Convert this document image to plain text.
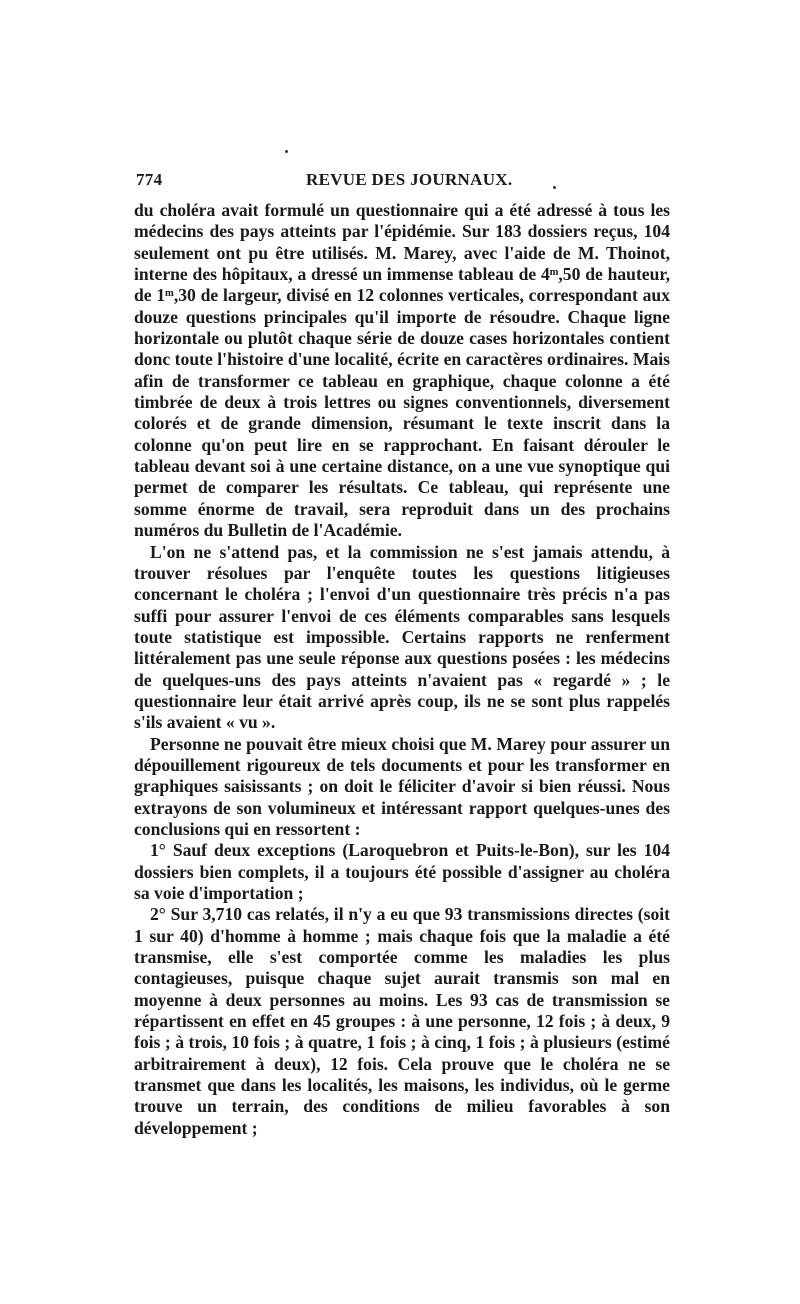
774	REVUE DES JOURNAUX.

du choléra avait formulé un questionnaire qui a été adressé à tous les médecins des pays atteints par l'épidémie. Sur 183 dossiers reçus, 104 seulement ont pu être utilisés. M. Marey, avec l'aide de M. Thoinot, interne des hôpitaux, a dressé un immense tableau de 4ᵐ,50 de hauteur, de 1ᵐ,30 de largeur, divisé en 12 colonnes verticales, correspondant aux douze questions principales qu'il importe de résoudre. Chaque ligne horizontale ou plutôt chaque série de douze cases horizontales contient donc toute l'histoire d'une localité, écrite en caractères ordinaires. Mais afin de transformer ce tableau en graphique, chaque colonne a été timbrée de deux à trois lettres ou signes conventionnels, diversement colorés et de grande dimension, résumant le texte inscrit dans la colonne qu'on peut lire en se rapprochant. En faisant dérouler le tableau devant soi à une certaine distance, on a une vue synoptique qui permet de comparer les résultats. Ce tableau, qui représente une somme énorme de travail, sera reproduit dans un des prochains numéros du Bulletin de l'Académie.

L'on ne s'attend pas, et la commission ne s'est jamais attendu, à trouver résolues par l'enquête toutes les questions litigieuses concernant le choléra ; l'envoi d'un questionnaire très précis n'a pas suffi pour assurer l'envoi de ces éléments comparables sans lesquels toute statistique est impossible. Certains rapports ne renferment littéralement pas une seule réponse aux questions posées : les médecins de quelques-uns des pays atteints n'avaient pas « regardé » ; le questionnaire leur était arrivé après coup, ils ne se sont plus rappelés s'ils avaient « vu ».

Personne ne pouvait être mieux choisi que M. Marey pour assurer un dépouillement rigoureux de tels documents et pour les transformer en graphiques saisissants ; on doit le féliciter d'avoir si bien réussi. Nous extrayons de son volumineux et intéressant rapport quelques-unes des conclusions qui en ressortent :

1° Sauf deux exceptions (Laroquebron et Puits-le-Bon), sur les 104 dossiers bien complets, il a toujours été possible d'assigner au choléra sa voie d'importation ;

2° Sur 3,710 cas relatés, il n'y a eu que 93 transmissions directes (soit 1 sur 40) d'homme à homme ; mais chaque fois que la maladie a été transmise, elle s'est comportée comme les maladies les plus contagieuses, puisque chaque sujet aurait transmis son mal en moyenne à deux personnes au moins. Les 93 cas de transmission se répartissent en effet en 45 groupes : à une personne, 12 fois ; à deux, 9 fois ; à trois, 10 fois ; à quatre, 1 fois ; à cinq, 1 fois ; à plusieurs (estimé arbitrairement à deux), 12 fois. Cela prouve que le choléra ne se transmet que dans les localités, les maisons, les individus, où le germe trouve un terrain, des conditions de milieu favorables à son développement ;
